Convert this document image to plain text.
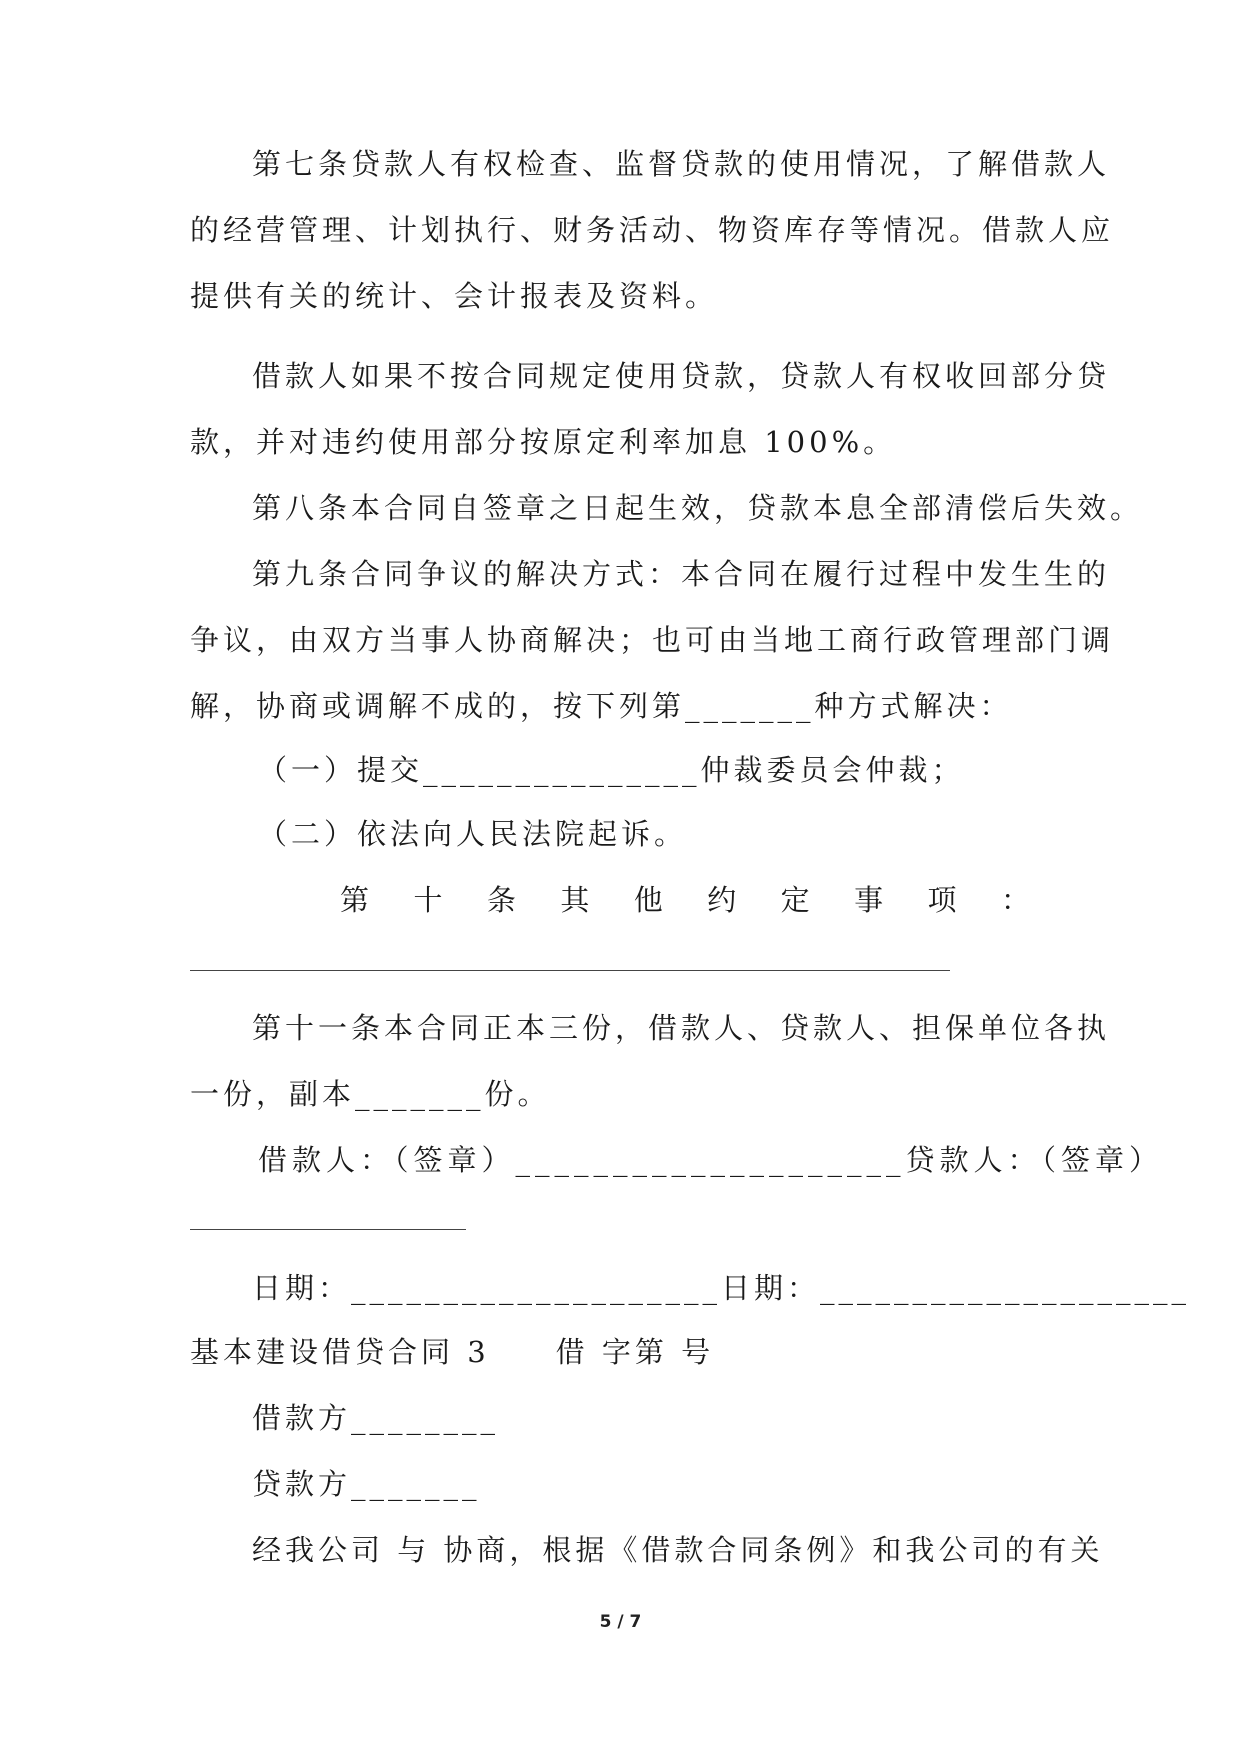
第七条贷款人有权检查、监督贷款的使用情况，了解借款人
的经营管理、计划执行、财务活动、物资库存等情况。借款人应
提供有关的统计、会计报表及资料。
借款人如果不按合同规定使用贷款，贷款人有权收回部分贷
款，并对违约使用部分按原定利率加息 100%。
第八条本合同自签章之日起生效，贷款本息全部清偿后失效。
第九条合同争议的解决方式：本合同在履行过程中发生生的
争议，由双方当事人协商解决；也可由当地工商行政管理部门调
解，协商或调解不成的，按下列第_______种方式解决：
（一）提交_______________仲裁委员会仲裁；
（二）依法向人民法院起诉。
第 十 条 其 他 约 定 事 项 ：
第十一条本合同正本三份，借款人、贷款人、担保单位各执
一份，副本_______份。
借款人：（签章）____________________贷款人：（签章）
日期：____________________日期：____________________
基本建设借贷合同 3　　借 字第 号
借款方________
贷款方_______
经我公司 与 协商，根据《借款合同条例》和我公司的有关
5 / 7
